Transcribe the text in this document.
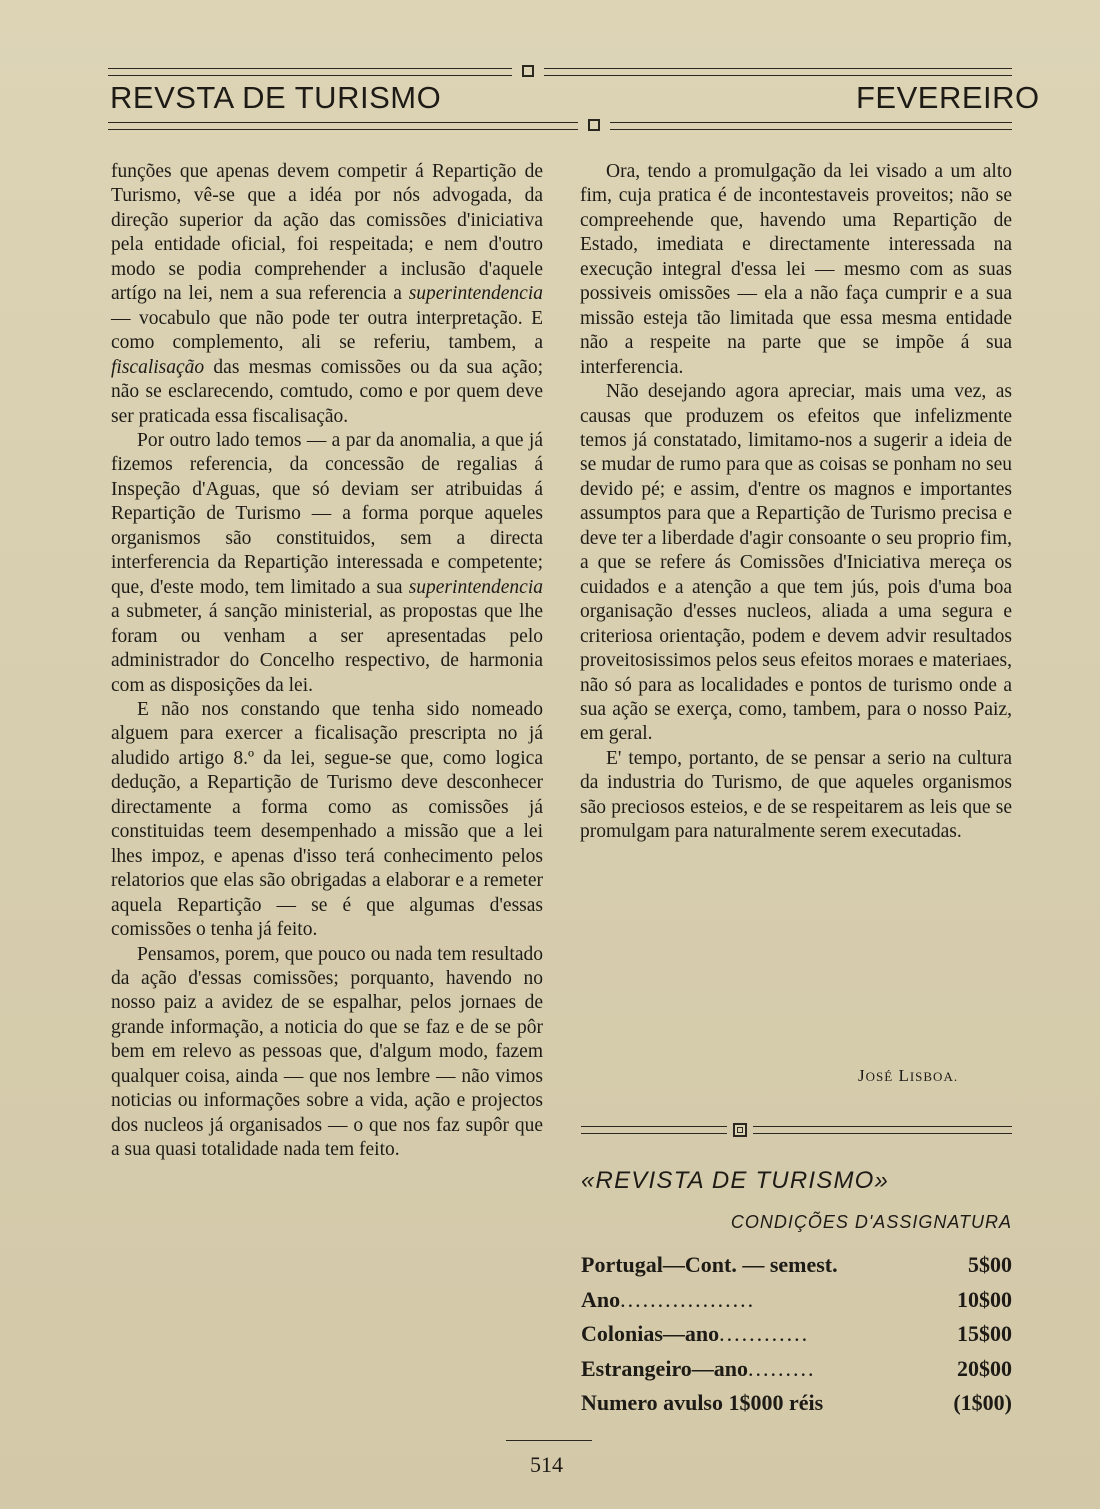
REVSTA DE TURISMO	FEVEREIRO

funções que apenas devem competir á Repartição de Turismo, vê-se que a idéa por nós advogada, da direção superior da ação das comissões d'iniciativa pela entidade oficial, foi respeitada; e nem d'outro modo se podia comprehender a inclusão d'aquele artígo na lei, nem a sua referencia a superintendencia — vocabulo que não pode ter outra interpretação. E como complemento, ali se referiu, tambem, a fiscalisação das mesmas comissões ou da sua ação; não se esclarecendo, comtudo, como e por quem deve ser praticada essa fiscalisação.

Por outro lado temos — a par da anomalia, a que já fizemos referencia, da concessão de regalias á Inspeção d'Aguas, que só deviam ser atribuidas á Repartição de Turismo — a forma porque aqueles organismos são constituidos, sem a directa interferencia da Repartição interessada e competente; que, d'este modo, tem limitado a sua superintendencia a submeter, á sanção ministerial, as propostas que lhe foram ou venham a ser apresentadas pelo administrador do Concelho respectivo, de harmonia com as disposições da lei.

E não nos constando que tenha sido nomeado alguem para exercer a ficalisação prescripta no já aludido artigo 8.º da lei, segue-se que, como logica dedução, a Repartição de Turismo deve desconhecer directamente a forma como as comissões já constituidas teem desempenhado a missão que a lei lhes impoz, e apenas d'isso terá conhecimento pelos relatorios que elas são obrigadas a elaborar e a remeter aquela Repartição — se é que algumas d'essas comissões o tenha já feito.

Pensamos, porem, que pouco ou nada tem resultado da ação d'essas comissões; porquanto, havendo no nosso paiz a avidez de se espalhar, pelos jornaes de grande informação, a noticia do que se faz e de se pôr bem em relevo as pessoas que, d'algum modo, fazem qualquer coisa, ainda — que nos lembre — não vimos noticias ou informações sobre a vida, ação e projectos dos nucleos já organisados — o que nos faz supôr que a sua quasi totalidade nada tem feito.

Ora, tendo a promulgação da lei visado a um alto fim, cuja pratica é de incontestaveis proveitos; não se compreehende que, havendo uma Repartição de Estado, imediata e directamente interessada na execução integral d'essa lei — mesmo com as suas possiveis omissões — ela a não faça cumprir e a sua missão esteja tão limitada que essa mesma entidade não a respeite na parte que se impõe á sua interferencia.

Não desejando agora apreciar, mais uma vez, as causas que produzem os efeitos que infelizmente temos já constatado, limitamo-nos a sugerir a ideia de se mudar de rumo para que as coisas se ponham no seu devido pé; e assim, d'entre os magnos e importantes assumptos para que a Repartição de Turismo precisa e deve ter a liberdade d'agir consoante o seu proprio fim, a que se refere ás Comissões d'Iniciativa mereça os cuidados e a atenção a que tem jús, pois d'uma boa organisação d'esses nucleos, aliada a uma segura e criteriosa orientação, podem e devem advir resultados proveitosissimos pelos seus efeitos moraes e materiaes, não só para as localidades e pontos de turismo onde a sua ação se exerça, como, tambem, para o nosso Paiz, em geral.

E' tempo, portanto, de se pensar a serio na cultura da industria do Turismo, de que aqueles organismos são preciosos esteios, e de se respeitarem as leis que se promulgam para naturalmente serem executadas.

JOSÉ LISBOA.
«REVISTA DE TURISMO»
CONDIÇÕES D'ASSIGNATURA
Portugal—Cont. — semest.	5$00
Ano..................	10$00
Colonias—ano............	15$00
Estrangeiro—ano.........	20$00
Numero avulso 1$000 réis	(1$00)
514
